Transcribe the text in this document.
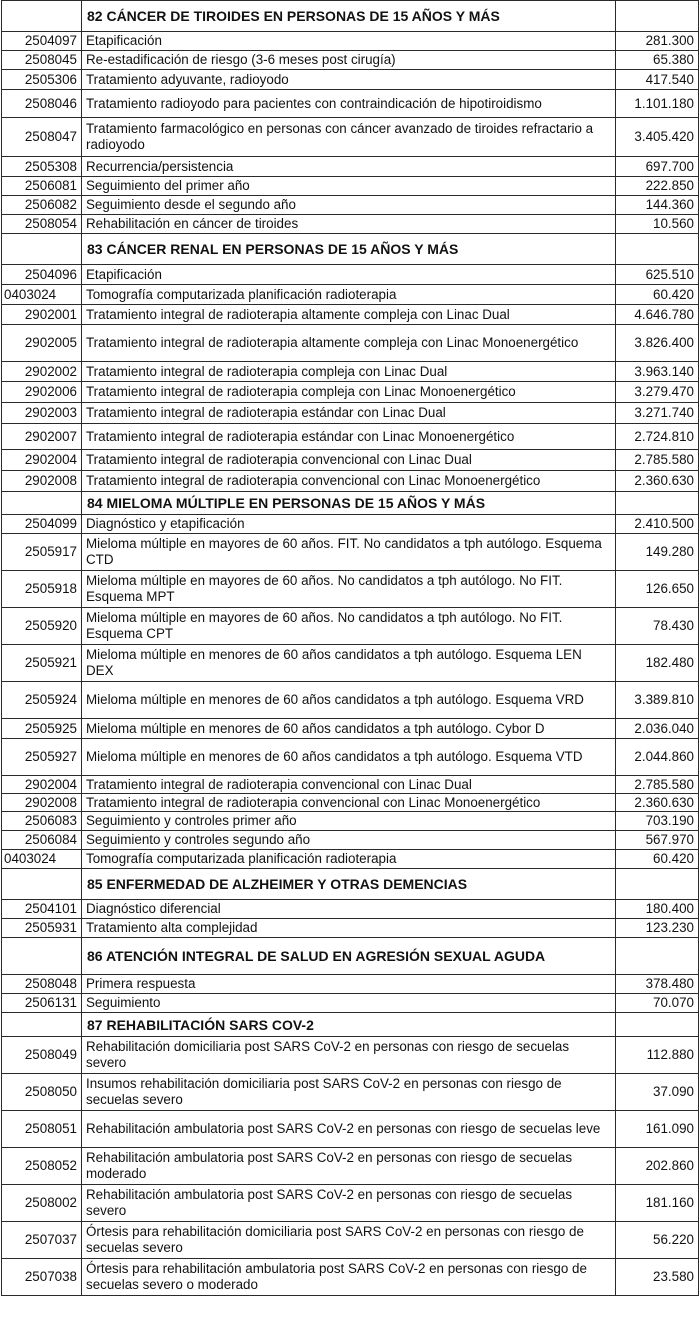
	82 CÁNCER DE TIROIDES EN PERSONAS DE 15 AÑOS Y MÁS	
2504097	Etapificación	281.300
2508045	Re-estadificación de riesgo (3-6 meses post cirugía)	65.380
2505306	Tratamiento adyuvante, radioyodo	417.540
2508046	Tratamiento radioyodo para pacientes con contraindicación de hipotiroidismo	1.101.180
2508047	Tratamiento farmacológico en personas con cáncer avanzado de tiroides refractario a radioyodo	3.405.420
2505308	Recurrencia/persistencia	697.700
2506081	Seguimiento del primer año	222.850
2506082	Seguimiento desde el segundo año	144.360
2508054	Rehabilitación en cáncer de tiroides	10.560
	83 CÁNCER RENAL EN PERSONAS DE 15 AÑOS Y MÁS	
2504096	Etapificación	625.510
0403024	Tomografía computarizada planificación radioterapia	60.420
2902001	Tratamiento integral de radioterapia altamente compleja con Linac Dual	4.646.780
2902005	Tratamiento integral de radioterapia altamente compleja con Linac Monoenergético	3.826.400
2902002	Tratamiento integral de radioterapia compleja con Linac Dual	3.963.140
2902006	Tratamiento integral de radioterapia compleja con Linac Monoenergético	3.279.470
2902003	Tratamiento integral de radioterapia estándar con Linac Dual	3.271.740
2902007	Tratamiento integral de radioterapia estándar con Linac Monoenergético	2.724.810
2902004	Tratamiento integral de radioterapia convencional con Linac Dual	2.785.580
2902008	Tratamiento integral de radioterapia convencional con Linac Monoenergético	2.360.630
	84 MIELOMA MÚLTIPLE EN PERSONAS DE 15 AÑOS Y MÁS	
2504099	Diagnóstico y etapificación	2.410.500
2505917	Mieloma múltiple en mayores de 60 años. FIT. No candidatos a tph autólogo. Esquema CTD	149.280
2505918	Mieloma múltiple en mayores de 60 años. No candidatos a tph autólogo. No FIT. Esquema MPT	126.650
2505920	Mieloma múltiple en mayores de 60 años. No candidatos a tph autólogo. No FIT. Esquema CPT	78.430
2505921	Mieloma múltiple en menores de 60 años candidatos a tph autólogo. Esquema LEN DEX	182.480
2505924	Mieloma múltiple en menores de 60 años candidatos a tph autólogo. Esquema VRD	3.389.810
2505925	Mieloma múltiple en menores de 60 años candidatos a tph autólogo. Cybor D	2.036.040
2505927	Mieloma múltiple en menores de 60 años candidatos a tph autólogo. Esquema VTD	2.044.860
2902004	Tratamiento integral de radioterapia convencional con Linac Dual	2.785.580
2902008	Tratamiento integral de radioterapia convencional con Linac Monoenergético	2.360.630
2506083	Seguimiento y controles primer año	703.190
2506084	Seguimiento y controles segundo año	567.970
0403024	Tomografía computarizada planificación radioterapia	60.420
	85 ENFERMEDAD DE ALZHEIMER Y OTRAS DEMENCIAS	
2504101	Diagnóstico diferencial	180.400
2505931	Tratamiento alta complejidad	123.230
	86 ATENCIÓN INTEGRAL DE SALUD EN AGRESIÓN SEXUAL AGUDA	
2508048	Primera respuesta	378.480
2506131	Seguimiento	70.070
	87 REHABILITACIÓN SARS COV-2	
2508049	Rehabilitación domiciliaria post SARS CoV-2 en personas con riesgo de secuelas severo	112.880
2508050	Insumos rehabilitación domiciliaria post SARS CoV-2 en personas con riesgo de secuelas severo	37.090
2508051	Rehabilitación ambulatoria post SARS CoV-2 en personas con riesgo de secuelas leve	161.090
2508052	Rehabilitación ambulatoria post SARS CoV-2 en personas con riesgo de secuelas moderado	202.860
2508002	Rehabilitación ambulatoria post SARS CoV-2 en personas con riesgo de secuelas severo	181.160
2507037	Órtesis para rehabilitación domiciliaria post SARS CoV-2 en personas con riesgo de secuelas severo	56.220
2507038	Órtesis para rehabilitación ambulatoria post SARS CoV-2 en personas con riesgo de secuelas severo o moderado	23.580
